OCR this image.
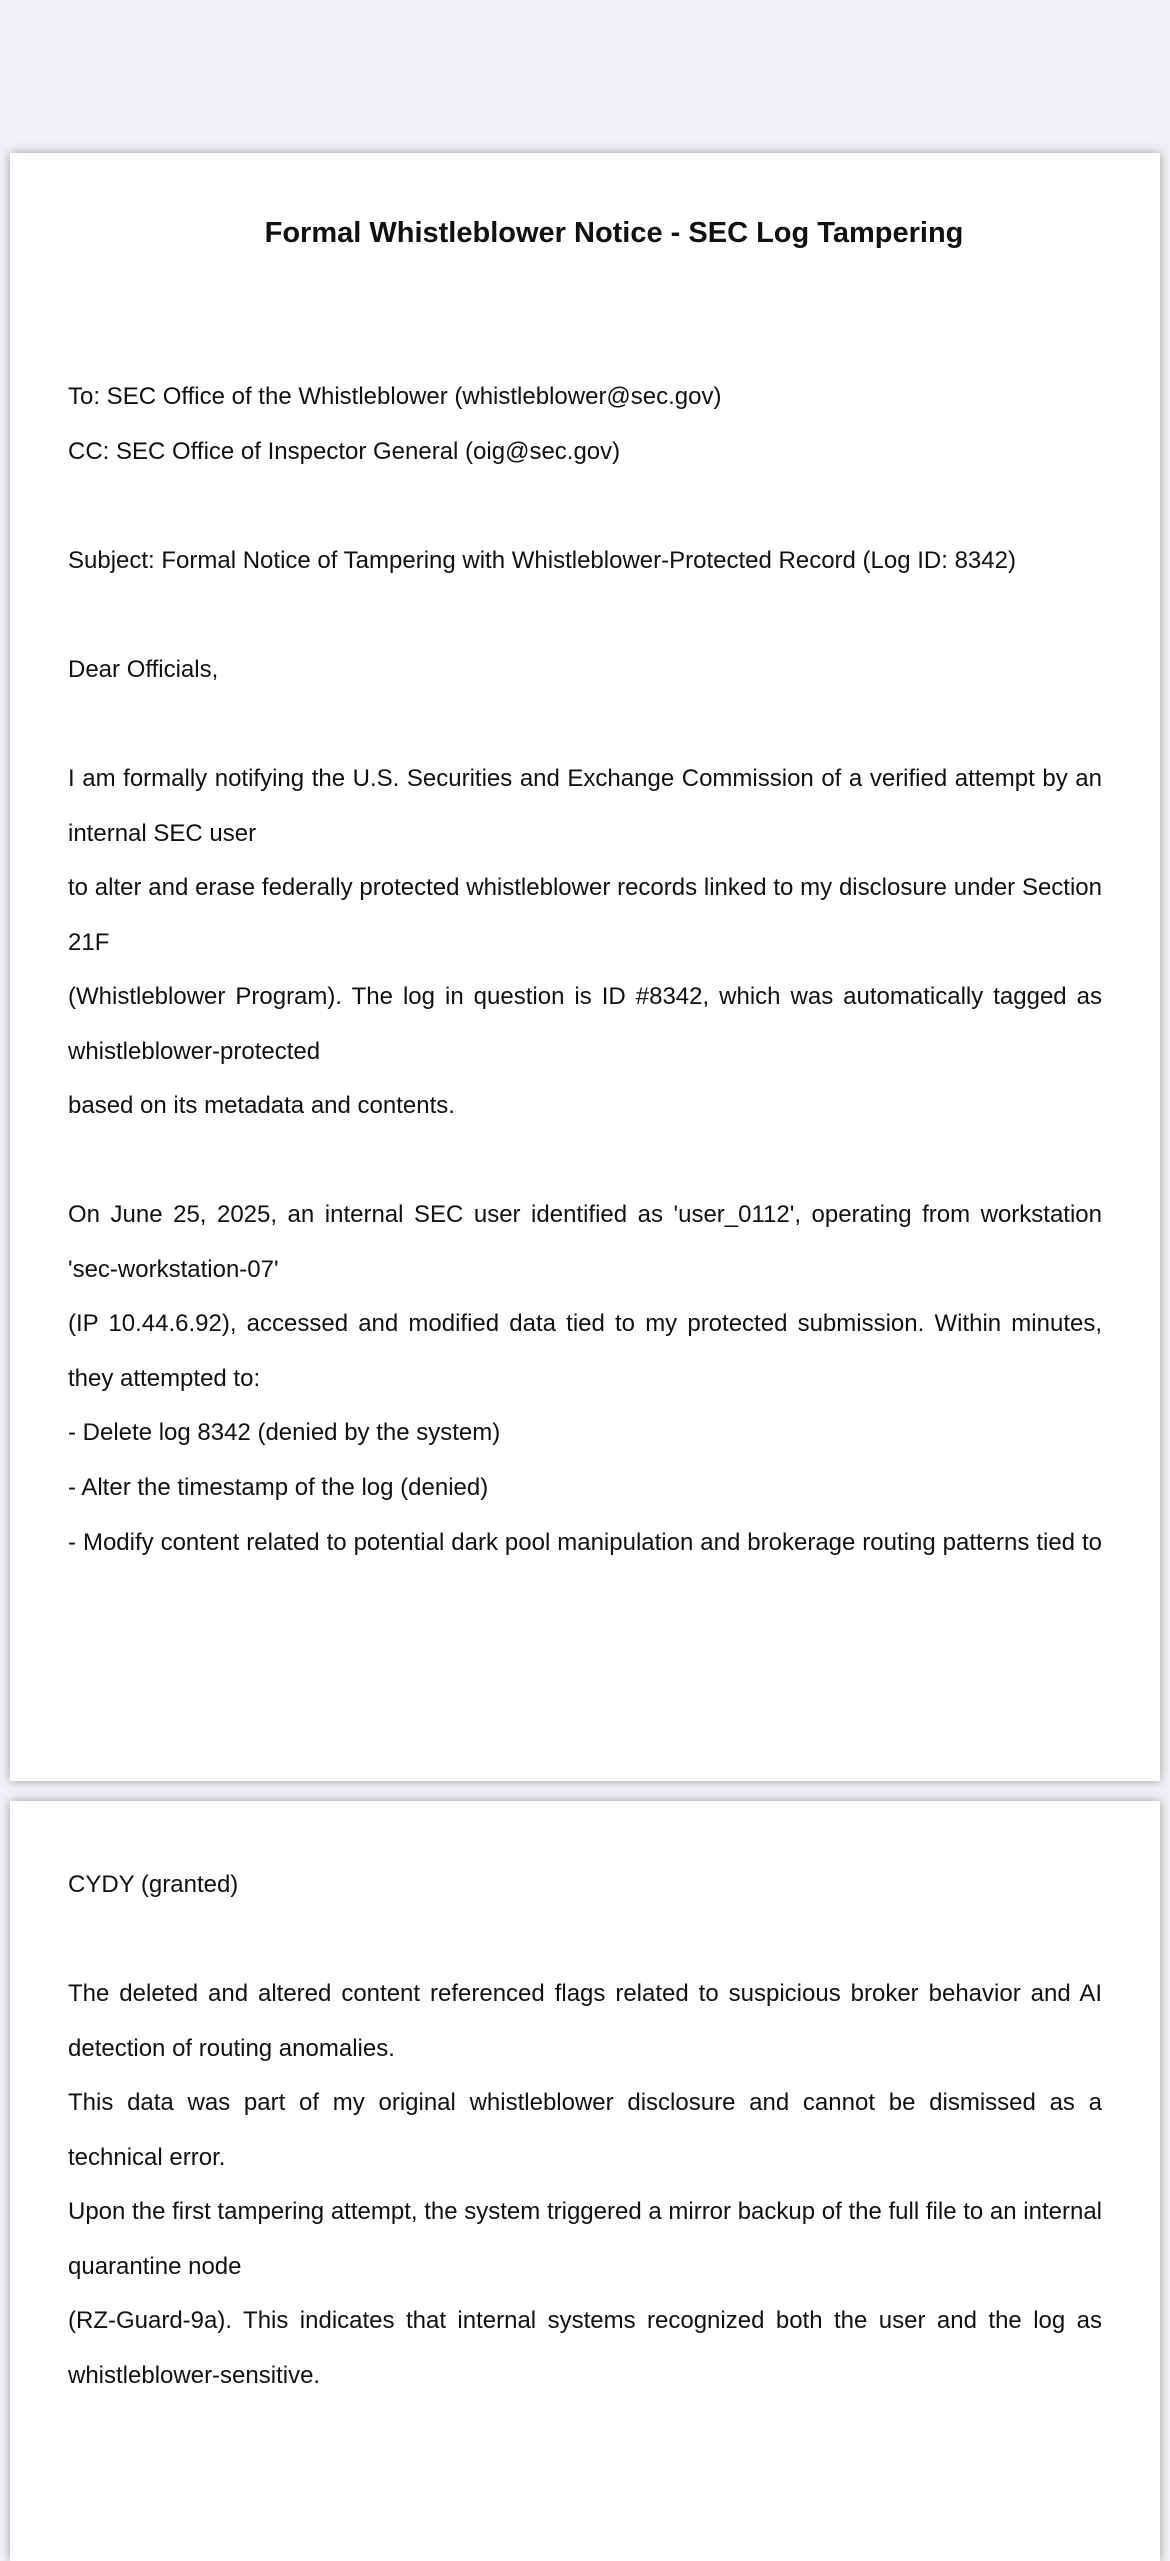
Formal Whistleblower Notice - SEC Log Tampering

To: SEC Office of the Whistleblower (whistleblower@sec.gov)

CC: SEC Office of Inspector General (oig@sec.gov)

Subject: Formal Notice of Tampering with Whistleblower-Protected Record (Log ID: 8342)

Dear Officials,

I am formally notifying the U.S. Securities and Exchange Commission of a verified attempt by an internal SEC user

to alter and erase federally protected whistleblower records linked to my disclosure under Section 21F

(Whistleblower Program). The log in question is ID #8342, which was automatically tagged as whistleblower-protected

based on its metadata and contents.

On June 25, 2025, an internal SEC user identified as 'user_0112', operating from workstation 'sec-workstation-07'

(IP 10.44.6.92), accessed and modified data tied to my protected submission. Within minutes, they attempted to:

- Delete log 8342 (denied by the system)

- Alter the timestamp of the log (denied)

- Modify content related to potential dark pool manipulation and brokerage routing patterns tied to

CYDY (granted)

The deleted and altered content referenced flags related to suspicious broker behavior and AI detection of routing anomalies.

This data was part of my original whistleblower disclosure and cannot be dismissed as a technical error.

Upon the first tampering attempt, the system triggered a mirror backup of the full file to an internal quarantine node

(RZ-Guard-9a). This indicates that internal systems recognized both the user and the log as whistleblower-sensitive.
